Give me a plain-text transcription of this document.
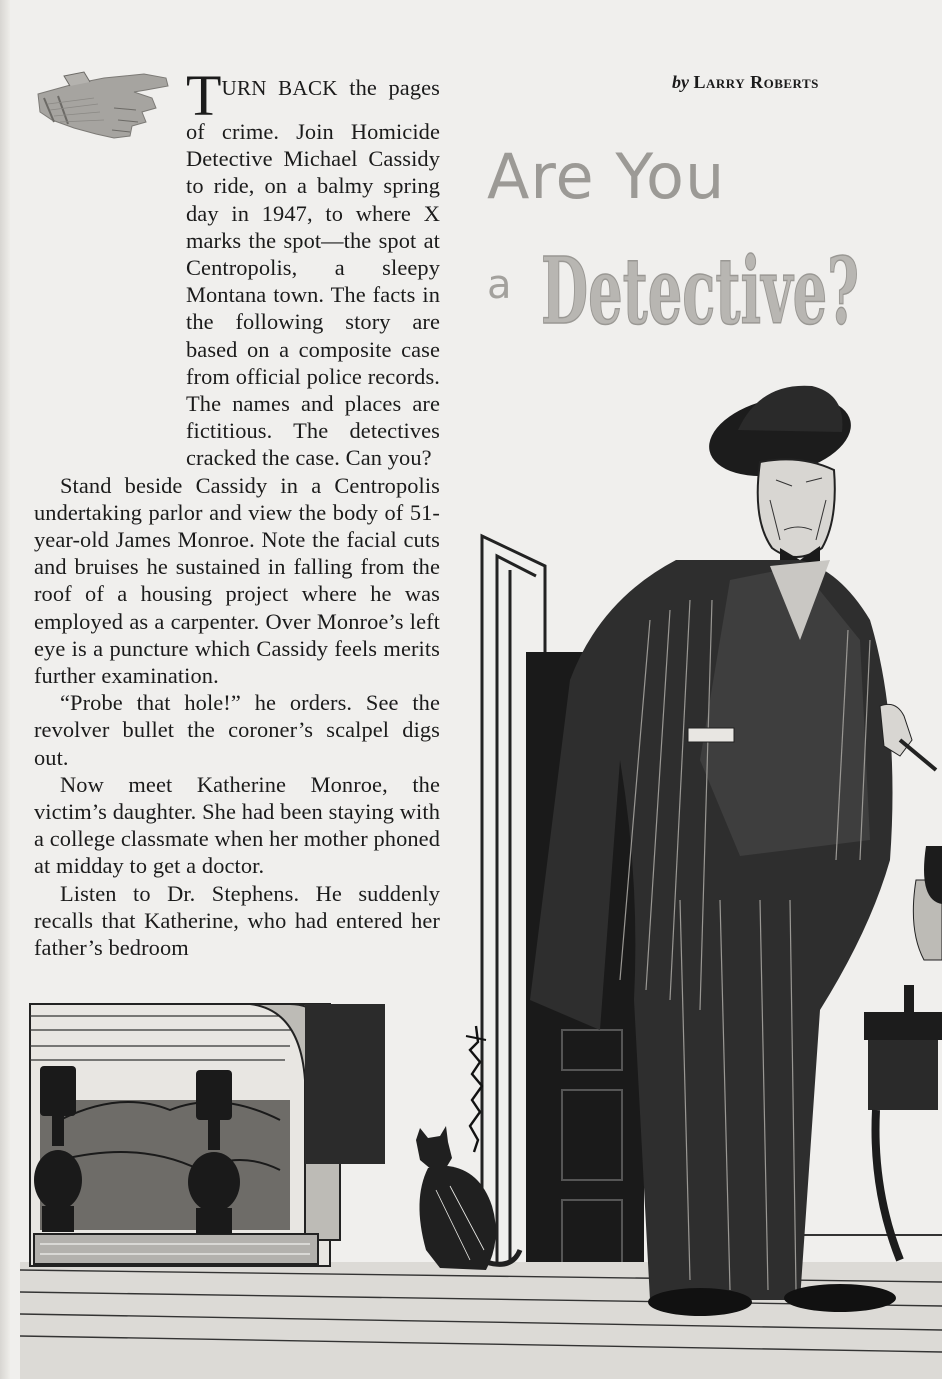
TURN BACK the pages of crime. Join Homicide Detective Michael Cassidy to ride, on a balmy spring day in 1947, to where X marks the spot—the spot at Centropolis, a sleepy Montana town. The facts in the following story are based on a composite case from official police records. The names and places are fictitious. The detectives cracked the case. Can you?

Stand beside Cassidy in a Centropolis undertaking parlor and view the body of 51-year-old James Monroe. Note the facial cuts and bruises he sustained in falling from the roof of a housing project where he was employed as a carpenter. Over Monroe’s left eye is a puncture which Cassidy feels merits further examination.

“Probe that hole!” he orders. See the revolver bullet the coroner’s scalpel digs out.

Now meet Katherine Monroe, the victim’s daughter. She had been staying with a college classmate when her mother phoned at midday to get a doctor.

Listen to Dr. Stephens. He suddenly recalls that Katherine, who had entered her father’s bedroom

by Larry Roberts
Are You
a Detective?
